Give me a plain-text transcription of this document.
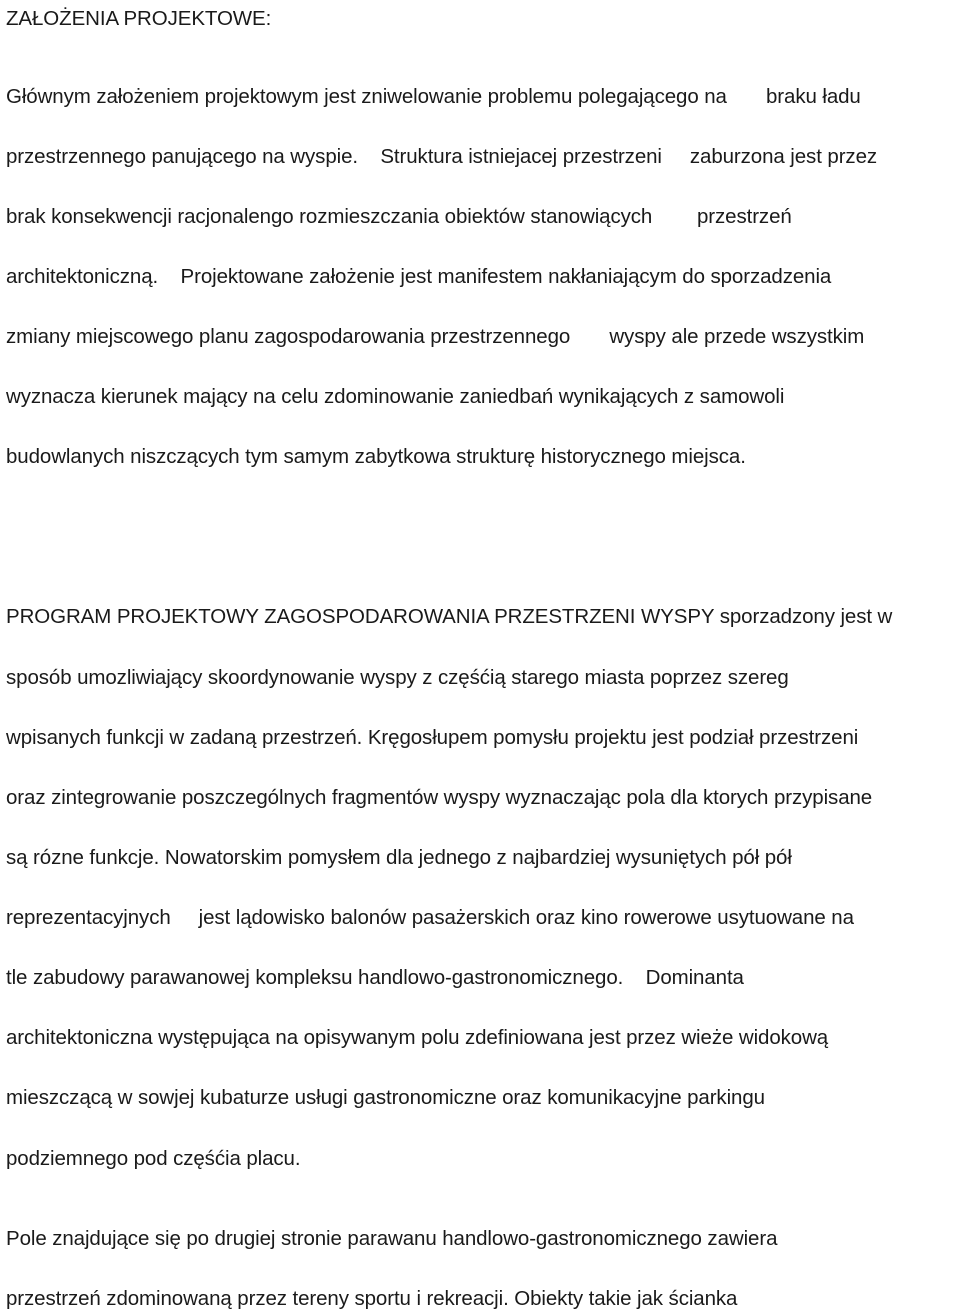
ZAŁOŻENIA PROJEKTOWE:
Głównym założeniem projektowym jest zniwelowanie problemu polegającego na       braku ładu
przestrzennego panującego na wyspie.    Struktura istniejacej przestrzeni     zaburzona jest przez
brak konsekwencji racjonalengo rozmieszczania obiektów stanowiących        przestrzeń
architektoniczną.    Projektowane założenie jest manifestem nakłaniającym do sporzadzenia
zmiany miejscowego planu zagospodarowania przestrzennego       wyspy ale przede wszystkim
wyznacza kierunek mający na celu zdominowanie zaniedbań wynikających z samowoli
budowlanych niszczących tym samym zabytkowa strukturę historycznego miejsca.
PROGRAM PROJEKTOWY ZAGOSPODAROWANIA PRZESTRZENI WYSPY sporzadzony jest w
sposób umozliwiający skoordynowanie wyspy z częśćią starego miasta poprzez szereg
wpisanych funkcji w zadaną przestrzeń. Kręgosłupem pomysłu projektu jest podział przestrzeni
oraz zintegrowanie poszczególnych fragmentów wyspy wyznaczając pola dla ktorych przypisane
są rózne funkcje. Nowatorskim pomysłem dla jednego z najbardziej wysuniętych pół pół
reprezentacyjnych     jest lądowisko balonów pasażerskich oraz kino rowerowe usytuowane na
tle zabudowy parawanowej kompleksu handlowo-gastronomicznego.    Dominanta
architektoniczna występująca na opisywanym polu zdefiniowana jest przez wieże widokową
mieszczącą w sowjej kubaturze usługi gastronomiczne oraz komunikacyjne parkingu
podziemnego pod częśćia placu.
Pole znajdujące się po drugiej stronie parawanu handlowo-gastronomicznego zawiera
przestrzeń zdominowaną przez tereny sportu i rekreacji. Obiekty takie jak ścianka
